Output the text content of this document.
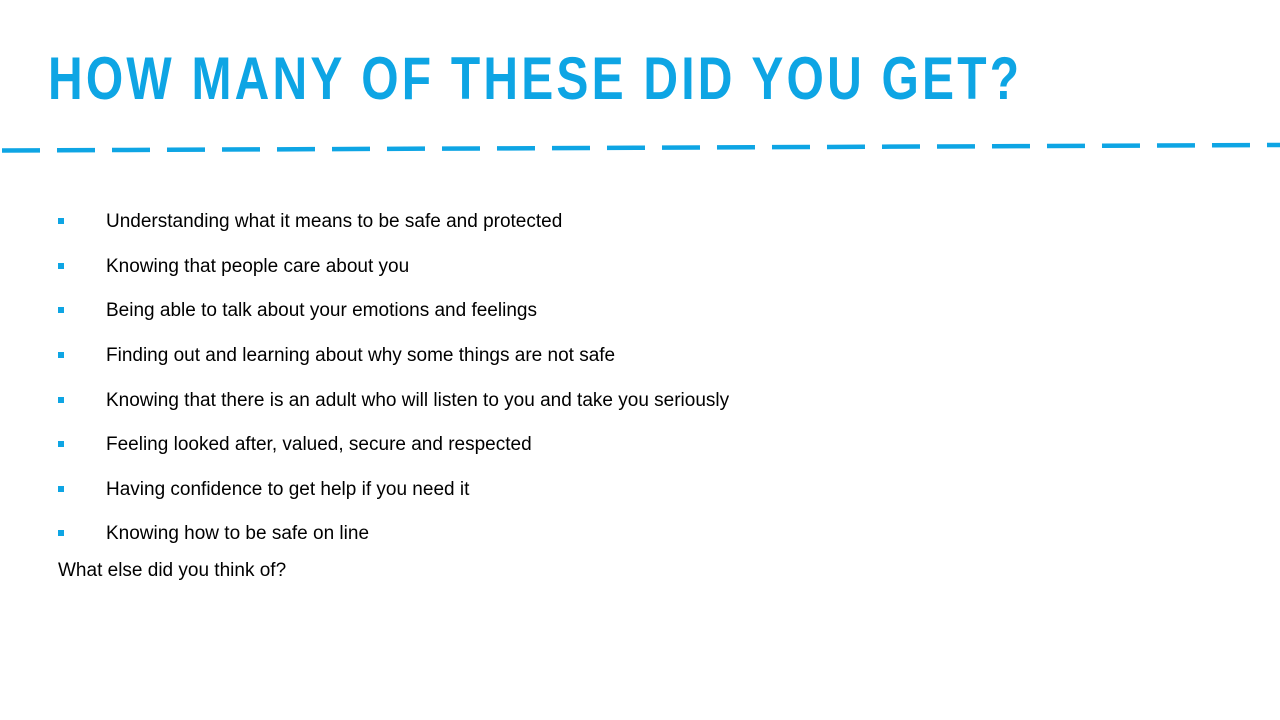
HOW MANY OF THESE DID YOU GET?
Understanding what it means to be safe and protected
Knowing that people care about you
Being able to talk about your emotions and feelings
Finding out and learning about why some things are not safe
Knowing that there is an adult who will listen to you and take you seriously
Feeling looked after, valued, secure and respected
Having confidence to get help if you need it
Knowing how to be safe on line
What else did you think of?
